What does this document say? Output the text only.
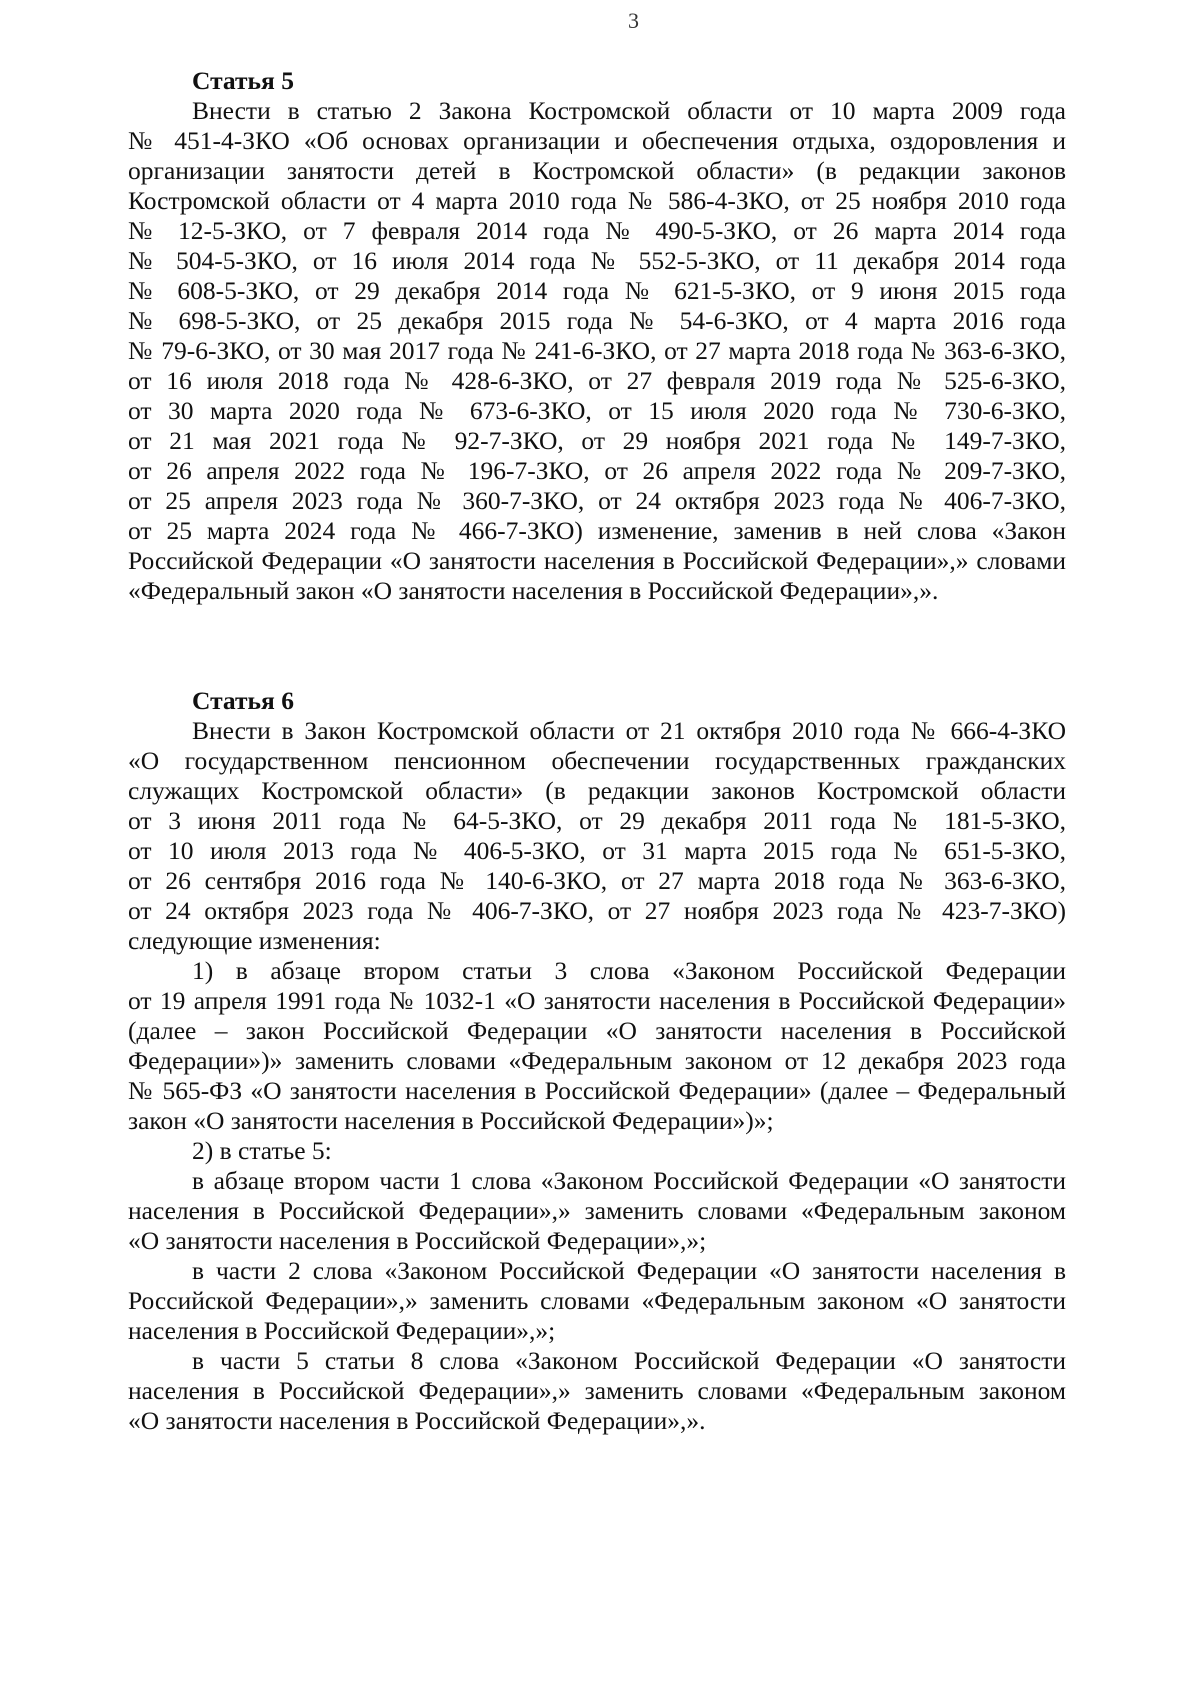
3
Статья 5
Внести в статью 2 Закона Костромской области от 10 марта 2009 года
№ 451-4-ЗКО «Об основах организации и обеспечения отдыха, оздоровления и
организации занятости детей в Костромской области» (в редакции законов
Костромской области от 4 марта 2010 года № 586-4-ЗКО, от 25 ноября 2010 года
№ 12-5-ЗКО, от 7 февраля 2014 года № 490-5-ЗКО, от 26 марта 2014 года
№ 504-5-ЗКО, от 16 июля 2014 года № 552-5-ЗКО, от 11 декабря 2014 года
№ 608-5-ЗКО, от 29 декабря 2014 года № 621-5-ЗКО, от 9 июня 2015 года
№ 698-5-ЗКО, от 25 декабря 2015 года № 54-6-ЗКО, от 4 марта 2016 года
№ 79-6-ЗКО, от 30 мая 2017 года № 241-6-ЗКО, от 27 марта 2018 года № 363-6-ЗКО,
от 16 июля 2018 года № 428-6-ЗКО, от 27 февраля 2019 года № 525-6-ЗКО,
от 30 марта 2020 года № 673-6-ЗКО, от 15 июля 2020 года № 730-6-ЗКО,
от 21 мая 2021 года № 92-7-ЗКО, от 29 ноября 2021 года № 149-7-ЗКО,
от 26 апреля 2022 года № 196-7-ЗКО, от 26 апреля 2022 года № 209-7-ЗКО,
от 25 апреля 2023 года № 360-7-ЗКО, от 24 октября 2023 года № 406-7-ЗКО,
от 25 марта 2024 года № 466-7-ЗКО) изменение, заменив в ней слова «Закон
Российской Федерации «О занятости населения в Российской Федерации»,» словами
«Федеральный закон «О занятости населения в Российской Федерации»,».
Статья 6
Внести в Закон Костромской области от 21 октября 2010 года № 666-4-ЗКО
«О государственном пенсионном обеспечении государственных гражданских
служащих Костромской области» (в редакции законов Костромской области
от 3 июня 2011 года № 64-5-ЗКО, от 29 декабря 2011 года № 181-5-ЗКО,
от 10 июля 2013 года № 406-5-ЗКО, от 31 марта 2015 года № 651-5-ЗКО,
от 26 сентября 2016 года № 140-6-ЗКО, от 27 марта 2018 года № 363-6-ЗКО,
от 24 октября 2023 года № 406-7-ЗКО, от 27 ноября 2023 года № 423-7-ЗКО)
следующие изменения:
1) в абзаце втором статьи 3 слова «Законом Российской Федерации
от 19 апреля 1991 года № 1032-1 «О занятости населения в Российской Федерации»
(далее – закон Российской Федерации «О занятости населения в Российской
Федерации»)» заменить словами «Федеральным законом от 12 декабря 2023 года
№ 565-ФЗ «О занятости населения в Российской Федерации» (далее – Федеральный
закон «О занятости населения в Российской Федерации»)»;
2) в статье 5:
в абзаце втором части 1 слова «Законом Российской Федерации «О занятости
населения в Российской Федерации»,» заменить словами «Федеральным законом
«О занятости населения в Российской Федерации»,»;
в части 2 слова «Законом Российской Федерации «О занятости населения в
Российской Федерации»,» заменить словами «Федеральным законом «О занятости
населения в Российской Федерации»,»;
в части 5 статьи 8 слова «Законом Российской Федерации «О занятости
населения в Российской Федерации»,» заменить словами «Федеральным законом
«О занятости населения в Российской Федерации»,».
